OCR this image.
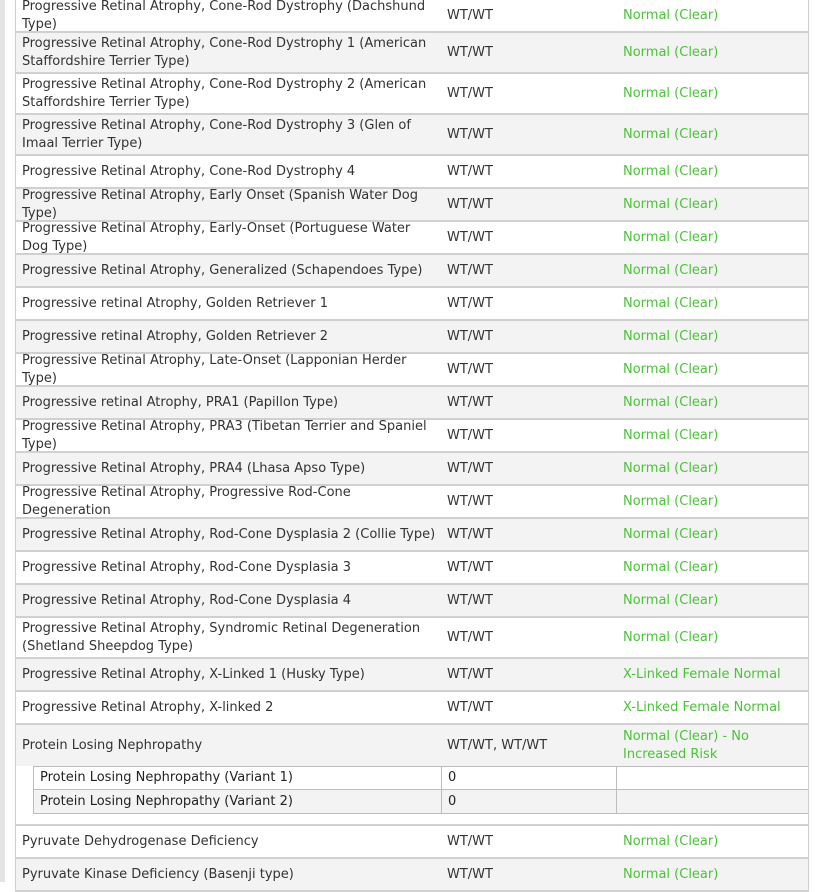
Progressive Retinal Atrophy, Cone-Rod Dystrophy (Dachshund Type)
WT/WT	Normal (Clear)
Progressive Retinal Atrophy, Cone-Rod Dystrophy 1 (American Staffordshire Terrier Type)
WT/WT	Normal (Clear)
Progressive Retinal Atrophy, Cone-Rod Dystrophy 2 (American Staffordshire Terrier Type)
WT/WT	Normal (Clear)
Progressive Retinal Atrophy, Cone-Rod Dystrophy 3 (Glen of Imaal Terrier Type)
WT/WT	Normal (Clear)
Progressive Retinal Atrophy, Cone-Rod Dystrophy 4	WT/WT	Normal (Clear)
Progressive Retinal Atrophy, Early Onset (Spanish Water Dog Type)
WT/WT	Normal (Clear)
Progressive Retinal Atrophy, Early-Onset (Portuguese Water Dog Type)
WT/WT	Normal (Clear)
Progressive Retinal Atrophy, Generalized (Schapendoes Type)	WT/WT	Normal (Clear)
Progressive retinal Atrophy, Golden Retriever 1	WT/WT	Normal (Clear)
Progressive retinal Atrophy, Golden Retriever 2	WT/WT	Normal (Clear)
Progressive Retinal Atrophy, Late-Onset (Lapponian Herder Type)
WT/WT	Normal (Clear)
Progressive retinal Atrophy, PRA1 (Papillon Type)	WT/WT	Normal (Clear)
Progressive Retinal Atrophy, PRA3 (Tibetan Terrier and Spaniel Type)
WT/WT	Normal (Clear)
Progressive Retinal Atrophy, PRA4 (Lhasa Apso Type)	WT/WT	Normal (Clear)
Progressive Retinal Atrophy, Progressive Rod-Cone Degeneration
WT/WT	Normal (Clear)
Progressive Retinal Atrophy, Rod-Cone Dysplasia 2 (Collie Type) WT/WT	Normal (Clear)
Progressive Retinal Atrophy, Rod-Cone Dysplasia 3	WT/WT	Normal (Clear)
Progressive Retinal Atrophy, Rod-Cone Dysplasia 4	WT/WT	Normal (Clear)
Progressive Retinal Atrophy, Syndromic Retinal Degeneration (Shetland Sheepdog Type)
WT/WT	Normal (Clear)
Progressive Retinal Atrophy, X-Linked 1 (Husky Type)	WT/WT	X-Linked Female Normal
Progressive Retinal Atrophy, X-linked 2	WT/WT	X-Linked Female Normal
Protein Losing Nephropathy	WT/WT, WT/WT
Normal (Clear) - No Increased Risk
Protein Losing Nephropathy (Variant 1)	0
Protein Losing Nephropathy (Variant 2)	0
Pyruvate Dehydrogenase Deficiency	WT/WT	Normal (Clear)
Pyruvate Kinase Deficiency (Basenji type)	WT/WT	Normal (Clear)
